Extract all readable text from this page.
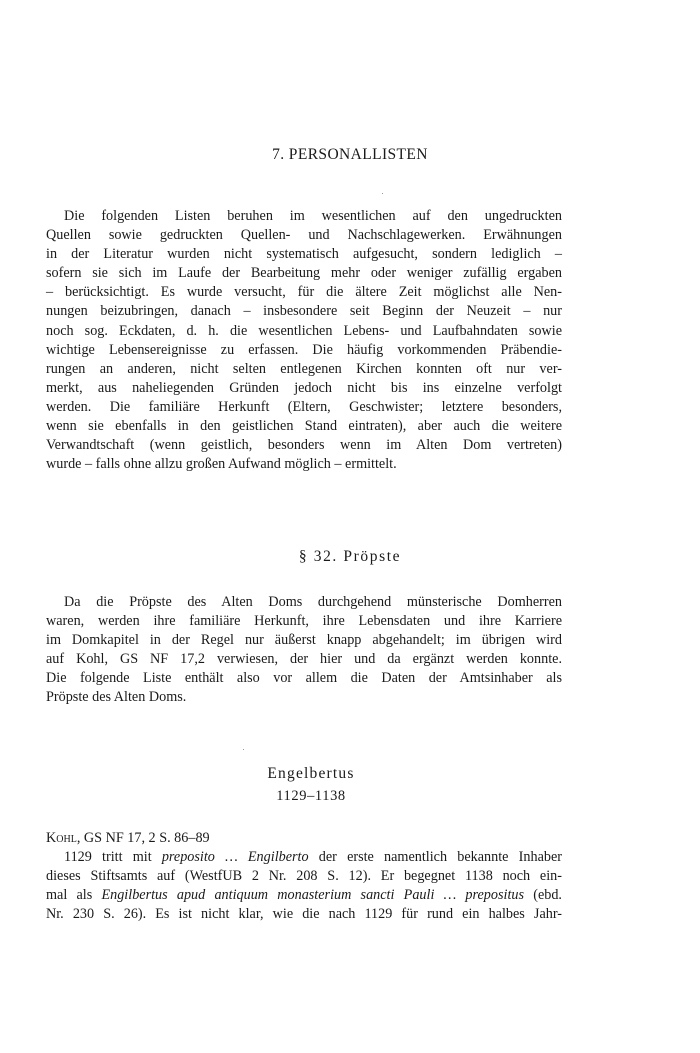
7. PERSONALLISTEN
Die folgenden Listen beruhen im wesentlichen auf den ungedruckten
Quellen sowie gedruckten Quellen- und Nachschlagewerken. Erwähnungen
in der Literatur wurden nicht systematisch aufgesucht, sondern lediglich –
sofern sie sich im Laufe der Bearbeitung mehr oder weniger zufällig ergaben
– berücksichtigt. Es wurde versucht, für die ältere Zeit möglichst alle Nen-
nungen beizubringen, danach – insbesondere seit Beginn der Neuzeit – nur
noch sog. Eckdaten, d. h. die wesentlichen Lebens- und Laufbahndaten sowie
wichtige Lebensereignisse zu erfassen. Die häufig vorkommenden Präbendie-
rungen an anderen, nicht selten entlegenen Kirchen konnten oft nur ver-
merkt, aus naheliegenden Gründen jedoch nicht bis ins einzelne verfolgt
werden. Die familiäre Herkunft (Eltern, Geschwister; letztere besonders,
wenn sie ebenfalls in den geistlichen Stand eintraten), aber auch die weitere
Verwandtschaft (wenn geistlich, besonders wenn im Alten Dom vertreten)
wurde – falls ohne allzu großen Aufwand möglich – ermittelt.
§ 32. Pröpste
Da die Pröpste des Alten Doms durchgehend münsterische Domherren
waren, werden ihre familiäre Herkunft, ihre Lebensdaten und ihre Karriere
im Domkapitel in der Regel nur äußerst knapp abgehandelt; im übrigen wird
auf Kohl, GS NF 17,2 verwiesen, der hier und da ergänzt werden konnte.
Die folgende Liste enthält also vor allem die Daten der Amtsinhaber als
Pröpste des Alten Doms.
Engelbertus
1129–1138
Kohl, GS NF 17, 2 S. 86–89
1129 tritt mit preposito … Engilberto der erste namentlich bekannte Inhaber
dieses Stiftsamts auf (WestfUB 2 Nr. 208 S. 12). Er begegnet 1138 noch ein-
mal als Engilbertus apud antiquum monasterium sancti Pauli … prepositus (ebd.
Nr. 230 S. 26). Es ist nicht klar, wie die nach 1129 für rund ein halbes Jahr-
